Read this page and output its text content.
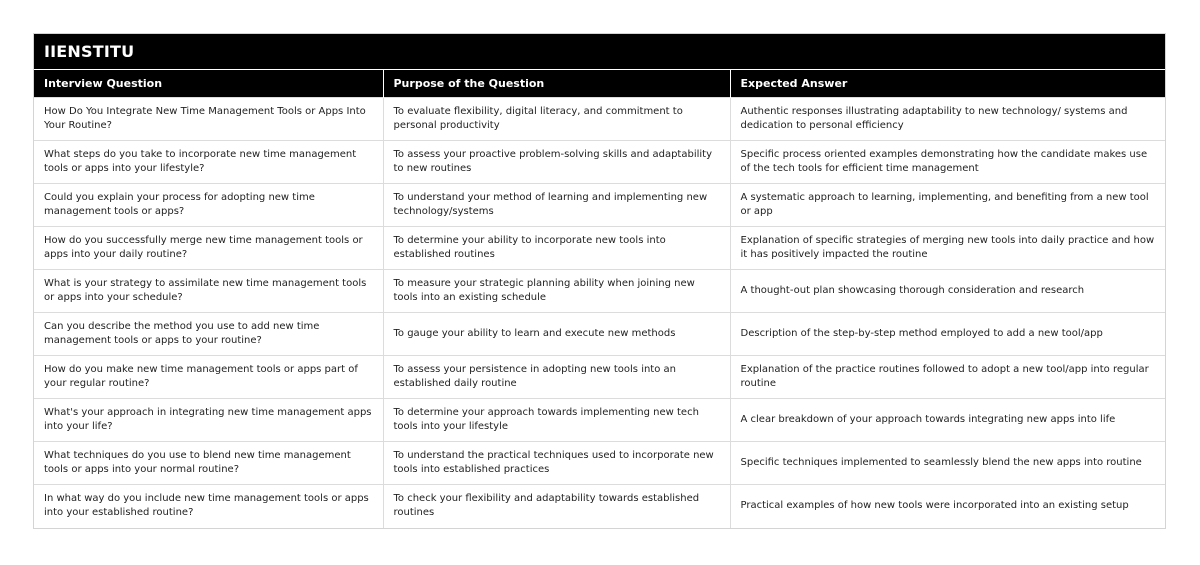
IIENSTITU
Interview Question	Purpose of the Question	Expected Answer
How Do You Integrate New Time Management Tools or Apps Into Your Routine?	To evaluate flexibility, digital literacy, and commitment to personal productivity	Authentic responses illustrating adaptability to new technology/ systems and dedication to personal efficiency
What steps do you take to incorporate new time management tools or apps into your lifestyle?	To assess your proactive problem-solving skills and adaptability to new routines	Specific process oriented examples demonstrating how the candidate makes use of the tech tools for efficient time management
Could you explain your process for adopting new time management tools or apps?	To understand your method of learning and implementing new technology/systems	A systematic approach to learning, implementing, and benefiting from a new tool or app
How do you successfully merge new time management tools or apps into your daily routine?	To determine your ability to incorporate new tools into established routines	Explanation of specific strategies of merging new tools into daily practice and how it has positively impacted the routine
What is your strategy to assimilate new time management tools or apps into your schedule?	To measure your strategic planning ability when joining new tools into an existing schedule	A thought-out plan showcasing thorough consideration and research
Can you describe the method you use to add new time management tools or apps to your routine?	To gauge your ability to learn and execute new methods	Description of the step-by-step method employed to add a new tool/app
How do you make new time management tools or apps part of your regular routine?	To assess your persistence in adopting new tools into an established daily routine	Explanation of the practice routines followed to adopt a new tool/app into regular routine
What's your approach in integrating new time management apps into your life?	To determine your approach towards implementing new tech tools into your lifestyle	A clear breakdown of your approach towards integrating new apps into life
What techniques do you use to blend new time management tools or apps into your normal routine?	To understand the practical techniques used to incorporate new tools into established practices	Specific techniques implemented to seamlessly blend the new apps into routine
In what way do you include new time management tools or apps into your established routine?	To check your flexibility and adaptability towards established routines	Practical examples of how new tools were incorporated into an existing setup
